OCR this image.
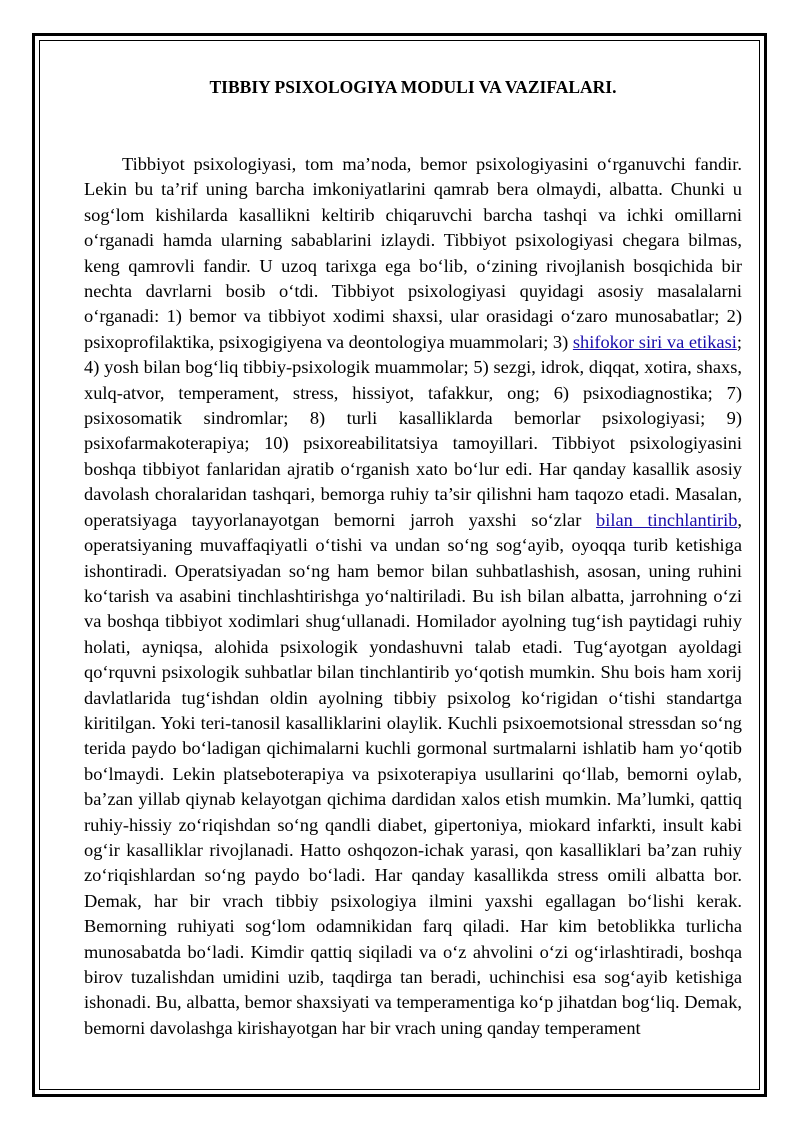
TIBBIY PSIXOLOGIYA MODULI VA VAZIFALARI.

Tibbiyot psixologiyasi, tom ma’noda, bemor psixologiyasini o‘rganuvchi fandir. Lekin bu ta’rif uning barcha imkoniyatlarini qamrab bera olmaydi, albatta. Chunki u sog‘lom kishilarda kasallikni keltirib chiqaruvchi barcha tashqi va ichki omillarni o‘rganadi hamda ularning sabablarini izlaydi. Tibbiyot psixologiyasi chegara bilmas, keng qamrovli fandir. U uzoq tarixga ega bo‘lib, o‘zining rivojlanish bosqichida bir nechta davrlarni bosib o‘tdi. Tibbiyot psixologiyasi quyidagi asosiy masalalarni o‘rganadi: 1) bemor va tibbiyot xodimi shaxsi, ular orasidagi o‘zaro munosabatlar; 2) psixoprofilaktika, psixogigiyena va deontologiya muammolari; 3) shifokor siri va etikasi; 4) yosh bilan bog‘liq tibbiy-psixologik muammolar; 5) sezgi, idrok, diqqat, xotira, shaxs, xulq-atvor, temperament, stress, hissiyot, tafakkur, ong; 6) psixodiagnostika; 7) psixosomatik sindromlar; 8) turli kasalliklarda bemorlar psixologiyasi; 9) psixofarmakoterapiya; 10) psixoreabilitatsiya tamoyillari. Tibbiyot psixologiyasini boshqa tibbiyot fanlaridan ajratib o‘rganish xato bo‘lur edi. Har qanday kasallik asosiy davolash choralaridan tashqari, bemorga ruhiy ta’sir qilishni ham taqozo etadi. Masalan, operatsiyaga tayyorlanayotgan bemorni jarroh yaxshi so‘zlar bilan tinchlantirib, operatsiyaning muvaffaqiyatli o‘tishi va undan so‘ng sog‘ayib, oyoqqa turib ketishiga ishontiradi. Operatsiyadan so‘ng ham bemor bilan suhbatlashish, asosan, uning ruhini ko‘tarish va asabini tinchlashtirishga yo‘naltiriladi. Bu ish bilan albatta, jarrohning o‘zi va boshqa tibbiyot xodimlari shug‘ullanadi. Homilador ayolning tug‘ish paytidagi ruhiy holati, ayniqsa, alohida psixologik yondashuvni talab etadi. Tug‘ayotgan ayoldagi qo‘rquvni psixologik suhbatlar bilan tinchlantirib yo‘qotish mumkin. Shu bois ham xorij davlatlarida tug‘ishdan oldin ayolning tibbiy psixolog ko‘rigidan o‘tishi standartga kiritilgan. Yoki teri-tanosil kasalliklarini olaylik. Kuchli psixoemotsional stressdan so‘ng terida paydo bo‘ladigan qichimalarni kuchli gormonal surtmalarni ishlatib ham yo‘qotib bo‘lmaydi. Lekin platseboterapiya va psixoterapiya usullarini qo‘llab, bemorni oylab, ba’zan yillab qiynab kelayotgan qichima dardidan xalos etish mumkin. Ma’lumki, qattiq ruhiy-hissiy zo‘riqishdan so‘ng qandli diabet, gipertoniya, miokard infarkti, insult kabi og‘ir kasalliklar rivojlanadi. Hatto oshqozon-ichak yarasi, qon kasalliklari ba’zan ruhiy zo‘riqishlardan so‘ng paydo bo‘ladi. Har qanday kasallikda stress omili albatta bor. Demak, har bir vrach tibbiy psixologiya ilmini yaxshi egallagan bo‘lishi kerak. Bemorning ruhiyati sog‘lom odamnikidan farq qiladi. Har kim betoblikka turlicha munosabatda bo‘ladi. Kimdir qattiq siqiladi va o‘z ahvolini o‘zi og‘irlashtiradi, boshqa birov tuzalishdan umidini uzib, taqdirga tan beradi, uchinchisi esa sog‘ayib ketishiga ishonadi. Bu, albatta, bemor shaxsiyati va temperamentiga ko‘p jihatdan bog‘liq. Demak, bemorni davolashga kirishayotgan har bir vrach uning qanday temperament
